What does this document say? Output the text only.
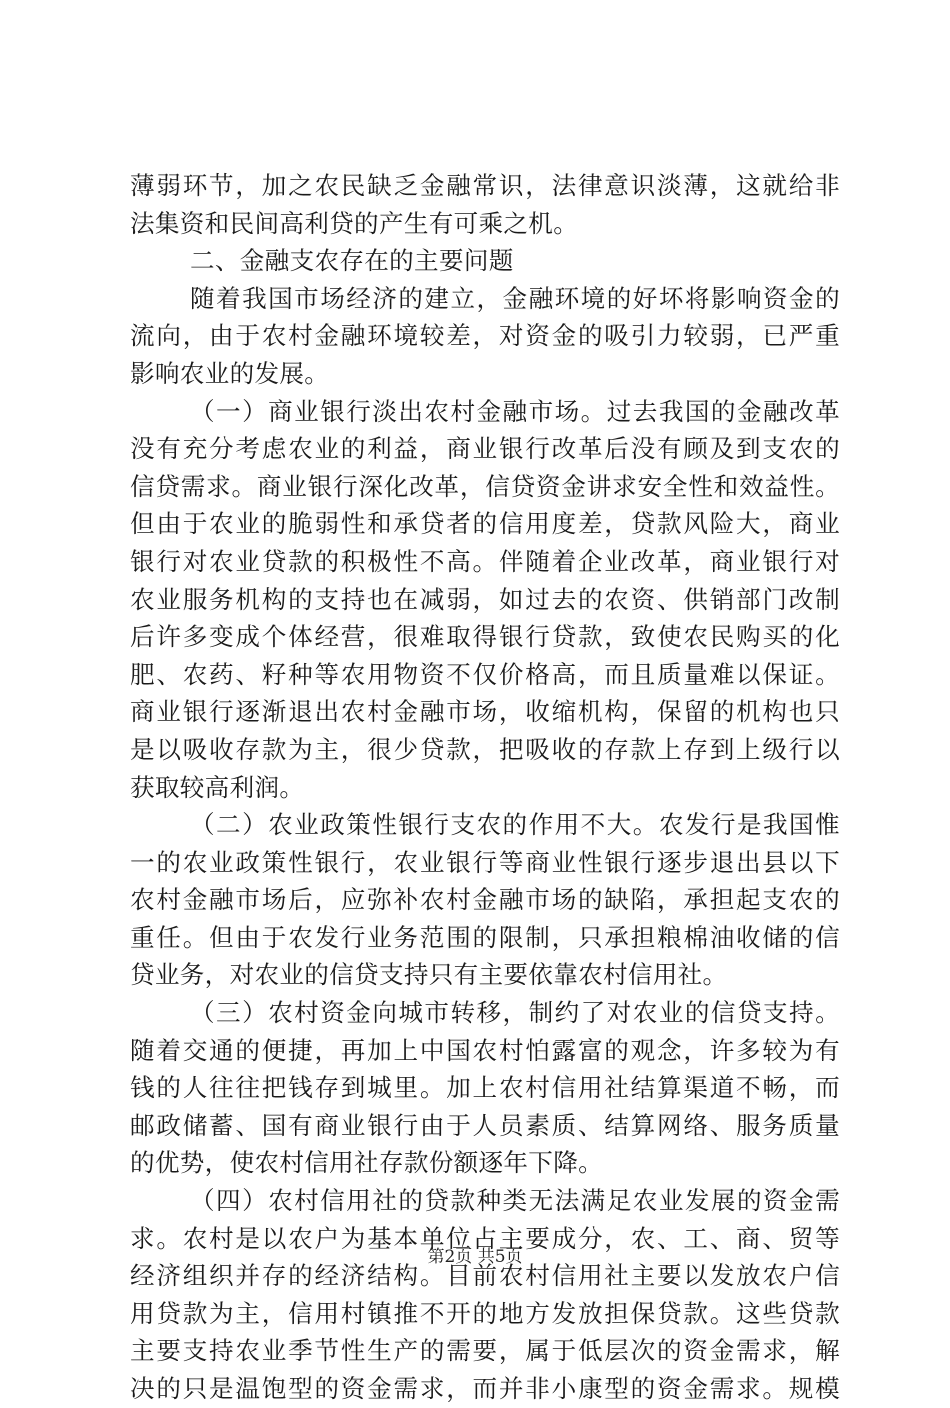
薄弱环节，加之农民缺乏金融常识，法律意识淡薄，这就给非
法集资和民间高利贷的产生有可乘之机。
二、金融支农存在的主要问题
随着我国市场经济的建立，金融环境的好坏将影响资金的
流向，由于农村金融环境较差，对资金的吸引力较弱，已严重
影响农业的发展。
（一）商业银行淡出农村金融市场。过去我国的金融改革
没有充分考虑农业的利益，商业银行改革后没有顾及到支农的
信贷需求。商业银行深化改革，信贷资金讲求安全性和效益性。
但由于农业的脆弱性和承贷者的信用度差，贷款风险大，商业
银行对农业贷款的积极性不高。伴随着企业改革，商业银行对
农业服务机构的支持也在减弱，如过去的农资、供销部门改制
后许多变成个体经营，很难取得银行贷款，致使农民购买的化
肥、农药、籽种等农用物资不仅价格高，而且质量难以保证。
商业银行逐渐退出农村金融市场，收缩机构，保留的机构也只
是以吸收存款为主，很少贷款，把吸收的存款上存到上级行以
获取较高利润。
（二）农业政策性银行支农的作用不大。农发行是我国惟
一的农业政策性银行，农业银行等商业性银行逐步退出县以下
农村金融市场后，应弥补农村金融市场的缺陷，承担起支农的
重任。但由于农发行业务范围的限制，只承担粮棉油收储的信
贷业务，对农业的信贷支持只有主要依靠农村信用社。
（三）农村资金向城市转移，制约了对农业的信贷支持。
随着交通的便捷，再加上中国农村怕露富的观念，许多较为有
钱的人往往把钱存到城里。加上农村信用社结算渠道不畅，而
邮政储蓄、国有商业银行由于人员素质、结算网络、服务质量
的优势，使农村信用社存款份额逐年下降。
（四）农村信用社的贷款种类无法满足农业发展的资金需
求。农村是以农户为基本单位占主要成分，农、工、商、贸等
经济组织并存的经济结构。目前农村信用社主要以发放农户信
用贷款为主，信用村镇推不开的地方发放担保贷款。这些贷款
主要支持农业季节性生产的需要，属于低层次的资金需求，解
决的只是温饱型的资金需求，而并非小康型的资金需求。规模
第2页 共5页
